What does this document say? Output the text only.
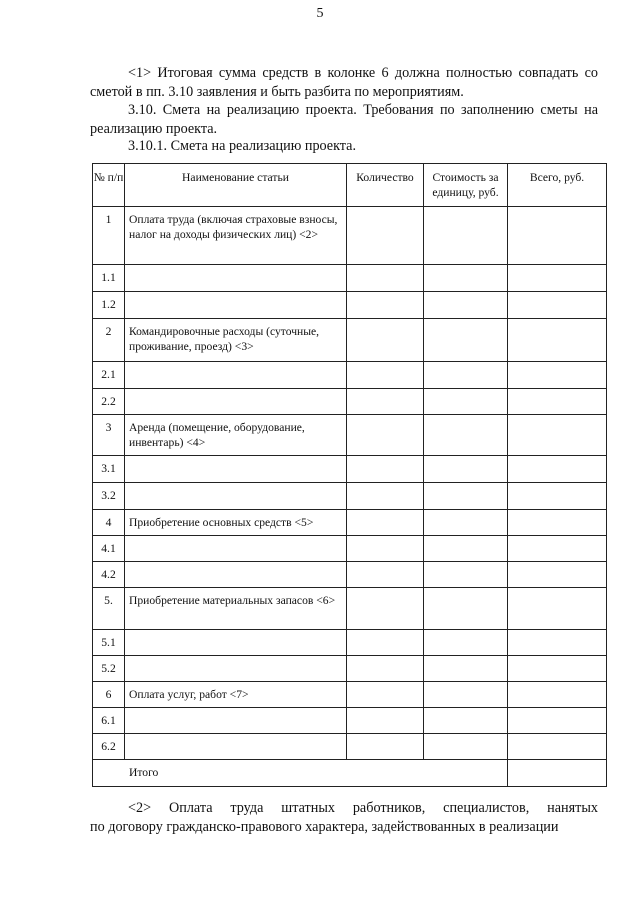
5

<1> Итоговая сумма средств в колонке 6 должна полностью совпадать со сметой в пп. 3.10 заявления и быть разбита по мероприятиям.

3.10. Смета на реализацию проекта. Требования по заполнению сметы на реализацию проекта.

3.10.1. Смета на реализацию проекта.

№ п/п	Наименование статьи	Количество	Стоимость за единицу, руб.	Всего, руб.
1	Оплата труда (включая страховые взносы, налог на доходы физических лиц) <2>			
1.1				
1.2				
2	Командировочные расходы (суточные, проживание, проезд) <3>			
2.1				
2.2				
3	Аренда (помещение, оборудование, инвентарь) <4>			
3.1				
3.2				
4	Приобретение основных средств <5>			
4.1				
4.2				
5.	Приобретение материальных запасов <6>			
5.1				
5.2				
6	Оплата услуг, работ <7>			
6.1				
6.2				
Итого				

<2> Оплата труда штатных работников, специалистов, нанятых

по договору гражданско-правового характера, задействованных в реализации
